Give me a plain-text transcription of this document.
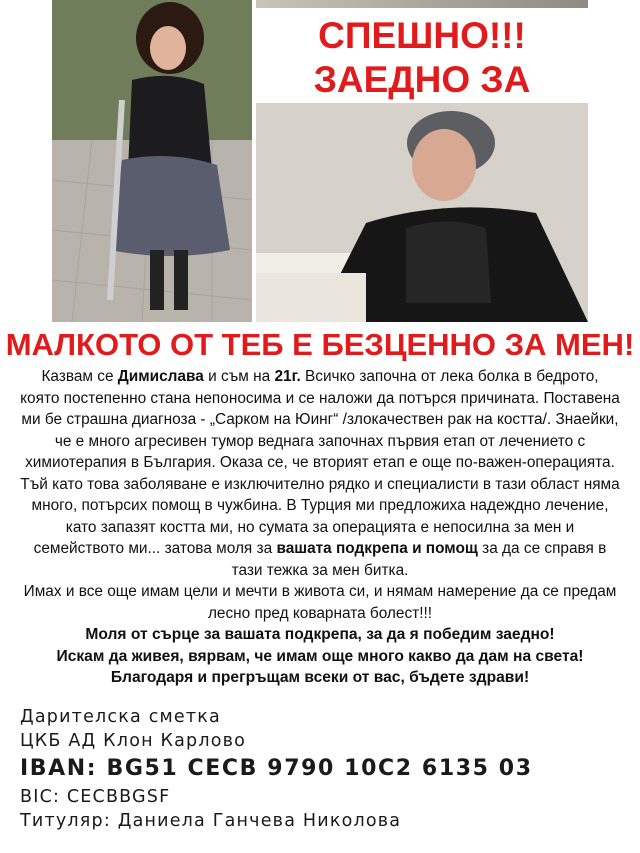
СПЕШНО!!!
ЗАЕДНО ЗА
МАЛКОТО ОТ ТЕБ Е БЕЗЦЕННО ЗА МЕН!

Казвам се Димислава и съм на 21г. Всичко започна от лека болка в бедрото, която постепенно стана непоносима и се наложи да потърся причината. Поставена ми бе страшна диагноза - „Сарком на Юинг“ /злокачествен рак на костта/. Знаейки, че е много агресивен тумор веднага започнах първия етап от лечението с химиотерапия в България. Оказа се, че вторият етап е още по-важен-операцията. Тъй като това заболяване е изключително рядко и специалисти в тази област няма много, потърсих помощ в чужбина. В Турция ми предложиха надеждно лечение, като запазят костта ми, но сумата за операцията е непосилна за мен и семейството ми... затова моля за вашата подкрепа и помощ за да се справя в тази тежка за мен битка.

Имах и все още имам цели и мечти в живота си, и нямам намерение да се предам лесно пред коварната болест!!!

Моля от сърце за вашата подкрепа, за да я победим заедно!

Искам да живея, вярвам, че имам още много какво да дам на света!

Благодаря и прегръщам всеки от вас, бъдете здрави!

Дарителска сметка
ЦКБ АД Клон Карлово
IBAN: BG51 CECB 9790 10C2 6135 03
BIC: CECBBGSF
Титуляр: Даниела Ганчева Николова
